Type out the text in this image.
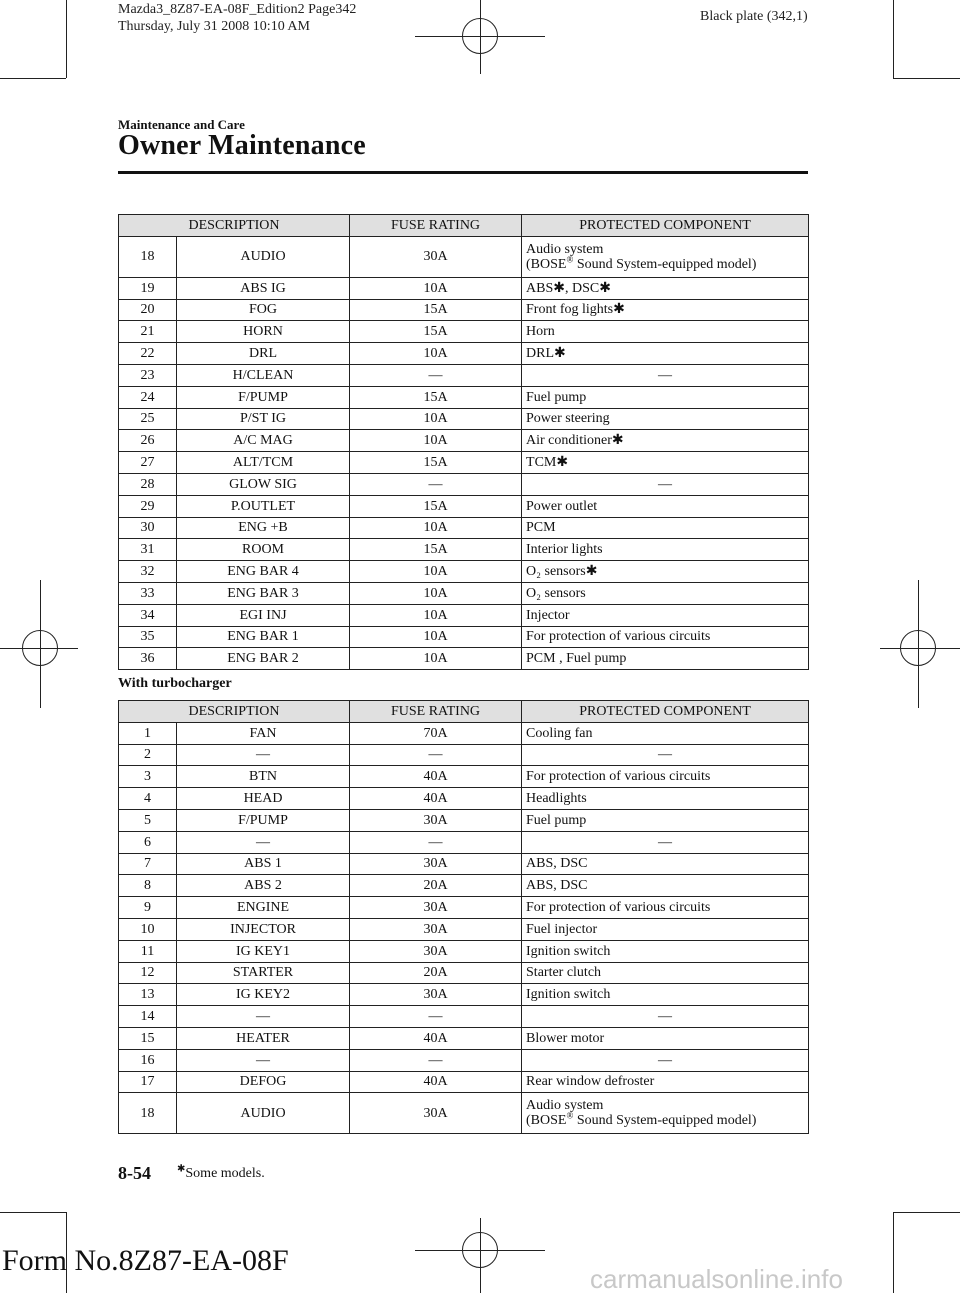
Mazda3_8Z87-EA-08F_Edition2 Page342
Thursday, July 31 2008 10:10 AM
Black plate (342,1)
Maintenance and Care
Owner Maintenance
DESCRIPTION		FUSE RATING	PROTECTED COMPONENT
18	AUDIO	30A	Audio system
(BOSE® Sound System-equipped model)
19	ABS IG	10A	ABS✱, DSC✱
20	FOG	15A	Front fog lights✱
21	HORN	15A	Horn
22	DRL	10A	DRL✱
23	H/CLEAN	―	―
24	F/PUMP	15A	Fuel pump
25	P/ST IG	10A	Power steering
26	A/C MAG	10A	Air conditioner✱
27	ALT/TCM	15A	TCM✱
28	GLOW SIG	―	―
29	P.OUTLET	15A	Power outlet
30	ENG +B	10A	PCM
31	ROOM	15A	Interior lights
32	ENG BAR 4	10A	O₂ sensors✱
33	ENG BAR 3	10A	O₂ sensors
34	EGI INJ	10A	Injector
35	ENG BAR 1	10A	For protection of various circuits
36	ENG BAR 2	10A	PCM , Fuel pump
With turbocharger
DESCRIPTION		FUSE RATING	PROTECTED COMPONENT
1	FAN	70A	Cooling fan
2	―	―	―
3	BTN	40A	For protection of various circuits
4	HEAD	40A	Headlights
5	F/PUMP	30A	Fuel pump
6	―	―	―
7	ABS 1	30A	ABS, DSC
8	ABS 2	20A	ABS, DSC
9	ENGINE	30A	For protection of various circuits
10	INJECTOR	30A	Fuel injector
11	IG KEY1	30A	Ignition switch
12	STARTER	20A	Starter clutch
13	IG KEY2	30A	Ignition switch
14	―	―	―
15	HEATER	40A	Blower motor
16	―	―	―
17	DEFOG	40A	Rear window defroster
18	AUDIO	30A	Audio system
(BOSE® Sound System-equipped model)
8-54	✱Some models.
Form No.8Z87-EA-08F
carmanualsonline.info
